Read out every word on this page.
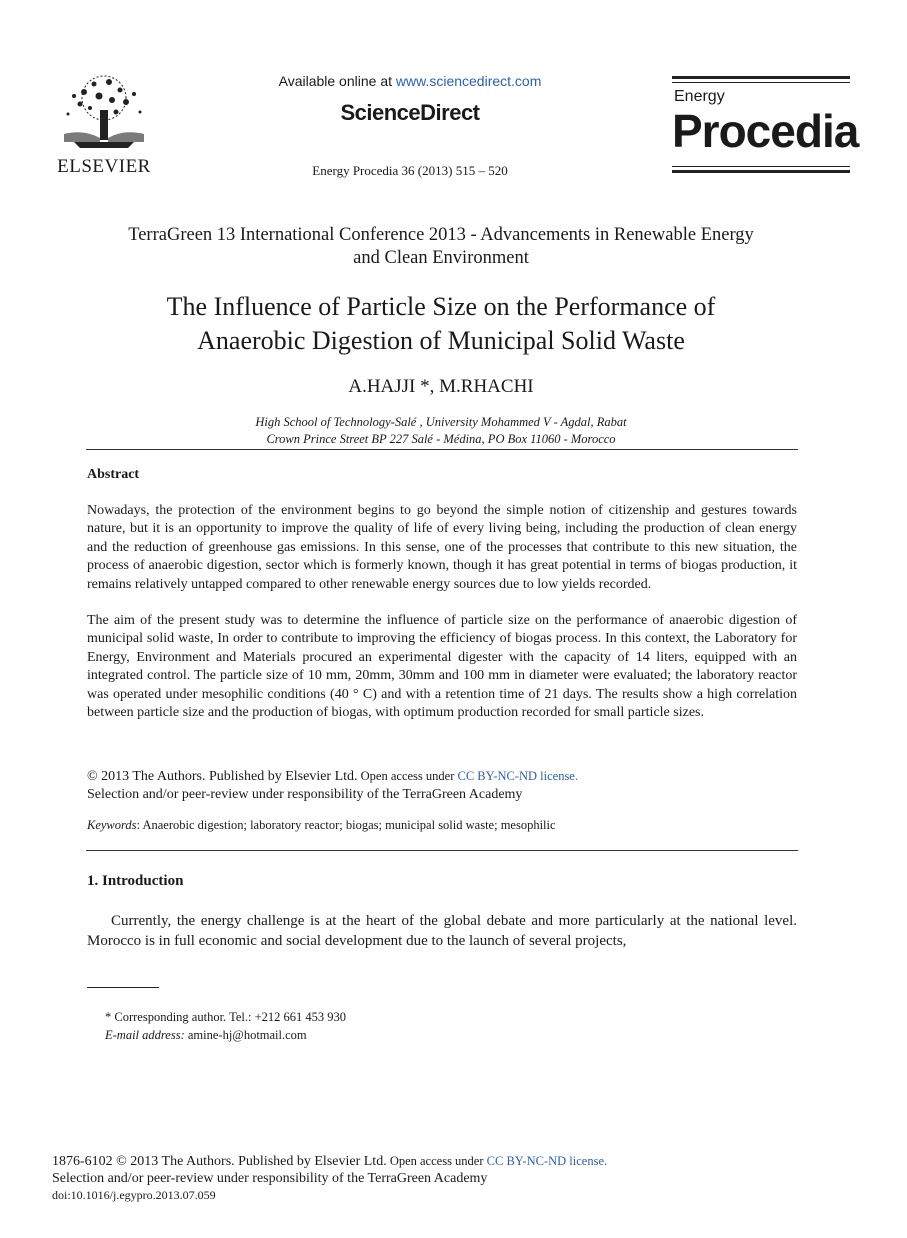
ELSEVIER
Available online at www.sciencedirect.com
ScienceDirect
Energy Procedia 36 (2013) 515 – 520
Energy
Procedia
TerraGreen 13 International Conference 2013 - Advancements in Renewable Energy
and Clean Environment
The Influence of Particle Size on the Performance of
Anaerobic Digestion of Municipal Solid Waste
A.HAJJI *, M.RHACHI
High School of Technology-Salé , University Mohammed V - Agdal, Rabat
Crown Prince Street BP 227 Salé - Médina, PO Box 11060 - Morocco
Abstract

Nowadays, the protection of the environment begins to go beyond the simple notion of citizenship and gestures towards nature, but it is an opportunity to improve the quality of life of every living being, including the production of clean energy and the reduction of greenhouse gas emissions. In this sense, one of the processes that contribute to this new situation, the process of anaerobic digestion, sector which is formerly known, though it has great potential in terms of biogas production, it remains relatively untapped compared to other renewable energy sources due to low yields recorded.

The aim of the present study was to determine the influence of particle size on the performance of anaerobic digestion of municipal solid waste, In order to contribute to improving the efficiency of biogas process. In this context, the Laboratory for Energy, Environment and Materials procured an experimental digester with the capacity of 14 liters, equipped with an integrated control. The particle size of 10 mm, 20mm, 30mm and 100 mm in diameter were evaluated; the laboratory reactor was operated under mesophilic conditions (40 ° C) and with a retention time of 21 days. The results show a high correlation between particle size and the production of biogas, with optimum production recorded for small particle sizes.

© 2013 The Authors. Published by Elsevier Ltd. Open access under CC BY-NC-ND license.
Selection and/or peer-review under responsibility of the TerraGreen Academy
Keywords: Anaerobic digestion; laboratory reactor; biogas; municipal solid waste; mesophilic
1. Introduction

Currently, the energy challenge is at the heart of the global debate and more particularly at the national level. Morocco is in full economic and social development due to the launch of several projects,

* Corresponding author. Tel.: +212 661 453 930
E-mail address: amine-hj@hotmail.com
1876-6102 © 2013 The Authors. Published by Elsevier Ltd. Open access under CC BY-NC-ND license.
Selection and/or peer-review under responsibility of the TerraGreen Academy
doi:10.1016/j.egypro.2013.07.059
